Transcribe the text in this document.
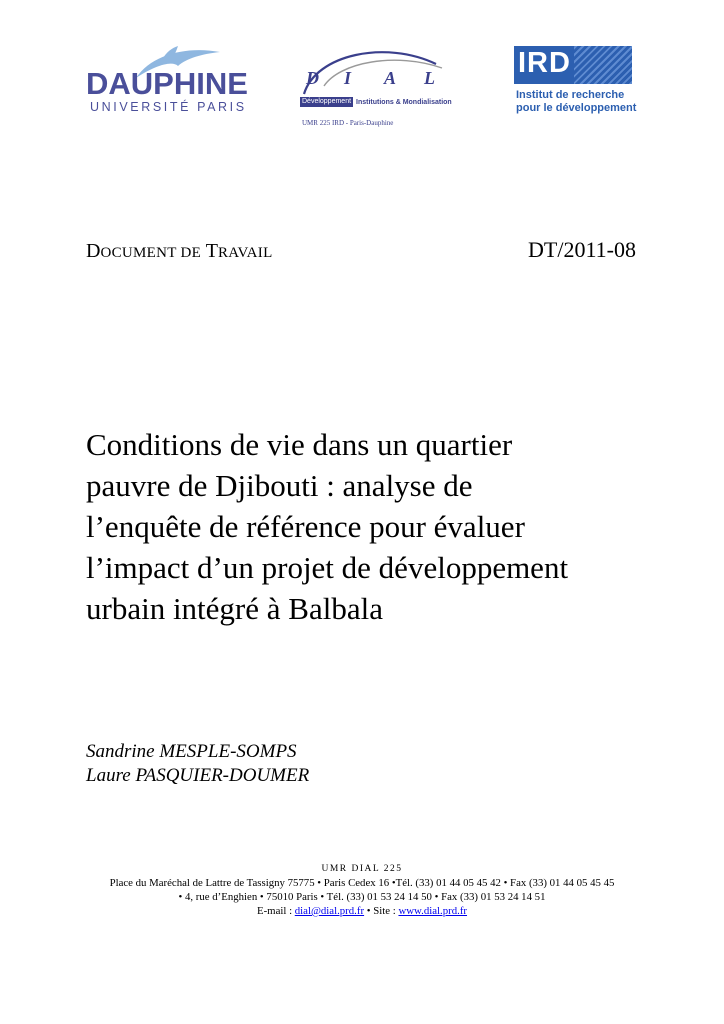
DAUPHINE
UNIVERSITÉ PARIS
D I A L
Développement Institutions & Mondialisation
UMR 225 IRD - Paris-Dauphine
IRD
Institut de recherche
pour le développement
DOCUMENT DE TRAVAIL	DT/2011-08
Conditions de vie dans un quartier
pauvre de Djibouti : analyse de
l’enquête de référence pour évaluer
l’impact d’un projet de développement
urbain intégré à Balbala
Sandrine MESPLE-SOMPS
Laure PASQUIER-DOUMER
UMR DIAL 225
Place du Maréchal de Lattre de Tassigny 75775 • Paris Cedex 16 •Tél. (33) 01 44 05 45 42 • Fax (33) 01 44 05 45 45
• 4, rue d’Enghien • 75010 Paris • Tél. (33) 01 53 24 14 50 • Fax (33) 01 53 24 14 51
E-mail : dial@dial.prd.fr • Site : www.dial.prd.fr
